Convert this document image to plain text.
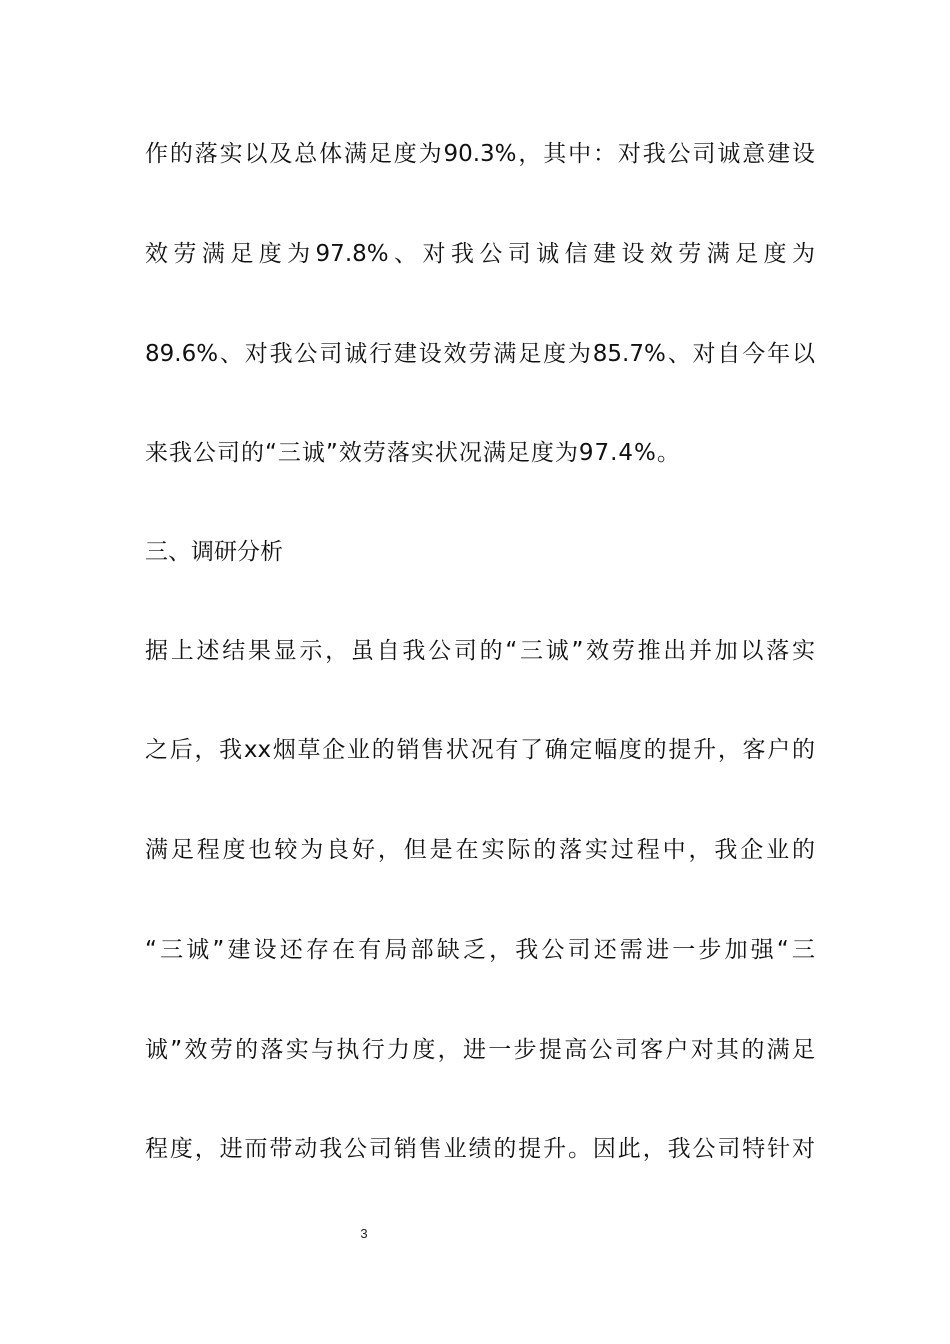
作的落实以及总体满足度为90.3%，其中：对我公司诚意建设
效劳满足度为97.8%、对我公司诚信建设效劳满足度为
89.6%、对我公司诚行建设效劳满足度为85.7%、对自今年以
来我公司的“三诚”效劳落实状况满足度为97.4%。
三、调研分析
据上述结果显示，虽自我公司的“三诚”效劳推出并加以落实
之后，我xx烟草企业的销售状况有了确定幅度的提升，客户的
满足程度也较为良好，但是在实际的落实过程中，我企业的
“三诚”建设还存在有局部缺乏，我公司还需进一步加强“三
诚”效劳的落实与执行力度，进一步提高公司客户对其的满足
程度，进而带动我公司销售业绩的提升。因此，我公司特针对
3
